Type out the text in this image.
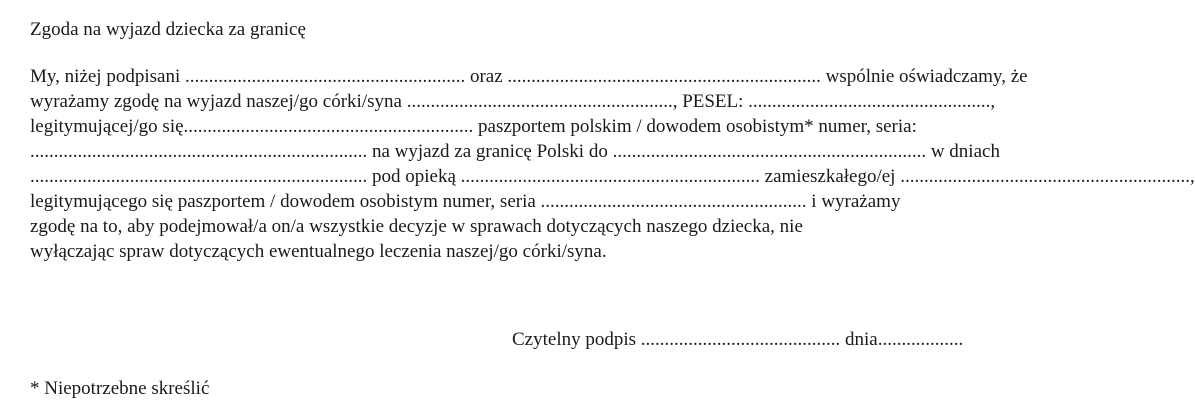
Zgoda na wyjazd dziecka za granicę
My, niżej podpisani ........................................................... oraz .................................................................. wspólnie oświadczamy, że
wyrażamy zgodę na wyjazd naszej/go córki/syna ........................................................, PESEL: ...................................................,
legitymującej/go się............................................................. paszportem polskim / dowodem osobistym* numer, seria:
....................................................................... na wyjazd za granicę Polski do .................................................................. w dniach
....................................................................... pod opieką ............................................................... zamieszkałego/ej .............................................................,
legitymującego się paszportem / dowodem osobistym numer, seria ........................................................ i wyrażamy
zgodę na to, aby podejmował/a on/a wszystkie decyzje w sprawach dotyczących naszego dziecka, nie
wyłączając spraw dotyczących ewentualnego leczenia naszej/go córki/syna.
Czytelny podpis .......................................... dnia..................
* Niepotrzebne skreślić
